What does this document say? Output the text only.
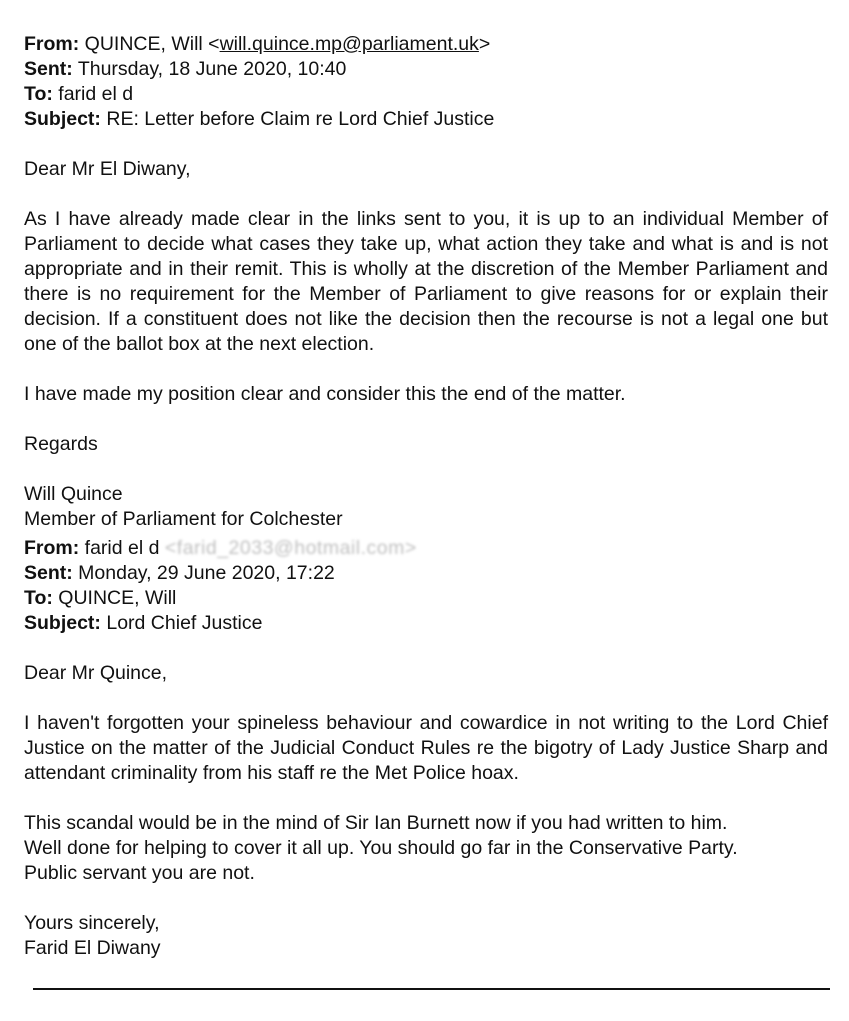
From: QUINCE, Will <will.quince.mp@parliament.uk>
Sent: Thursday, 18 June 2020, 10:40
To: farid el d
Subject: RE: Letter before Claim re Lord Chief Justice
Dear Mr El Diwany,
As I have already made clear in the links sent to you, it is up to an individual Member of Parliament to decide what cases they take up, what action they take and what is and is not appropriate and in their remit. This is wholly at the discretion of the Member Parliament and there is no requirement for the Member of Parliament to give reasons for or explain their decision. If a constituent does not like the decision then the recourse is not a legal one but one of the ballot box at the next election.
I have made my position clear and consider this the end of the matter.
Regards
Will Quince
Member of Parliament for Colchester
From: farid el d <farid_2033@hotmail.com>
Sent: Monday, 29 June 2020, 17:22
To: QUINCE, Will
Subject: Lord Chief Justice
Dear Mr Quince,
I haven't forgotten your spineless behaviour and cowardice in not writing to the Lord Chief Justice on the matter of the Judicial Conduct Rules re the bigotry of Lady Justice Sharp and attendant criminality from his staff re the Met Police hoax.
This scandal would be in the mind of Sir Ian Burnett now if you had written to him.
Well done for helping to cover it all up. You should go far in the Conservative Party.
Public servant you are not.
Yours sincerely,
Farid El Diwany
